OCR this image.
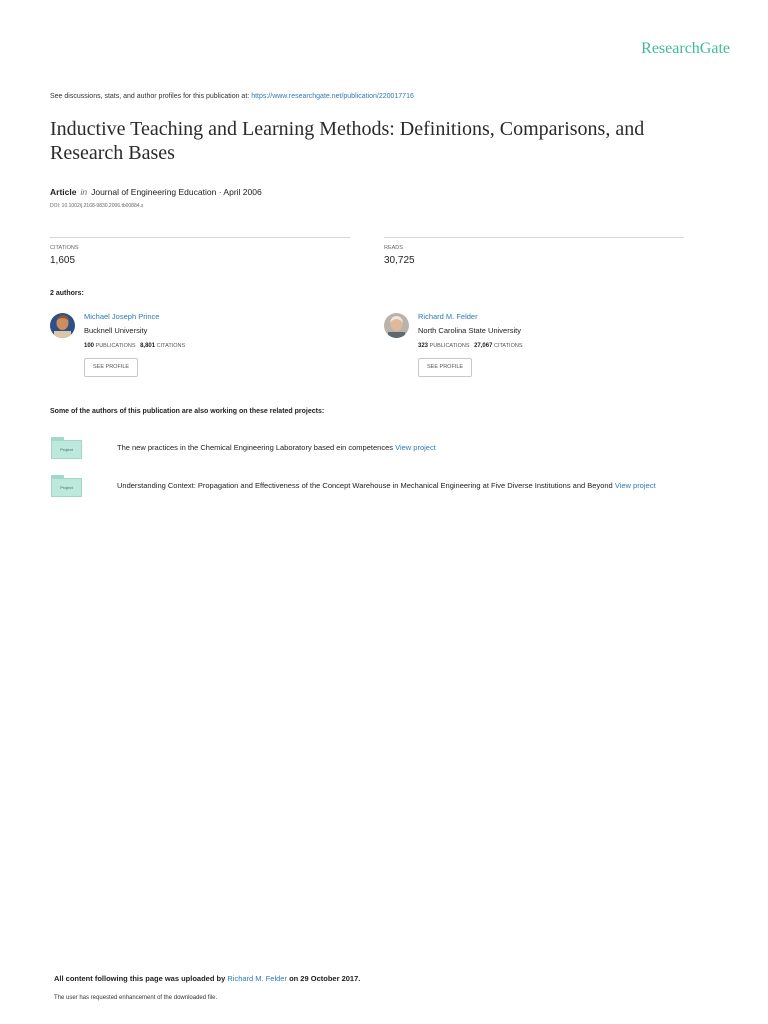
ResearchGate
See discussions, stats, and author profiles for this publication at: https://www.researchgate.net/publication/220017716
Inductive Teaching and Learning Methods: Definitions, Comparisons, and Research Bases
Article in Journal of Engineering Education · April 2006
DOI: 10.1002/j.2168-9830.2006.tb00884.x
CITATIONS
1,605
READS
30,725
2 authors:
Michael Joseph Prince
Bucknell University
100 PUBLICATIONS 8,801 CITATIONS
SEE PROFILE
Richard M. Felder
North Carolina State University
323 PUBLICATIONS 27,067 CITATIONS
SEE PROFILE
Some of the authors of this publication are also working on these related projects:
Project	The new practices in the Chemical Engineering Laboratory based ein competences View project
Project	Understanding Context: Propagation and Effectiveness of the Concept Warehouse in Mechanical Engineering at Five Diverse Institutions and Beyond View project
All content following this page was uploaded by Richard M. Felder on 29 October 2017.
The user has requested enhancement of the downloaded file.
